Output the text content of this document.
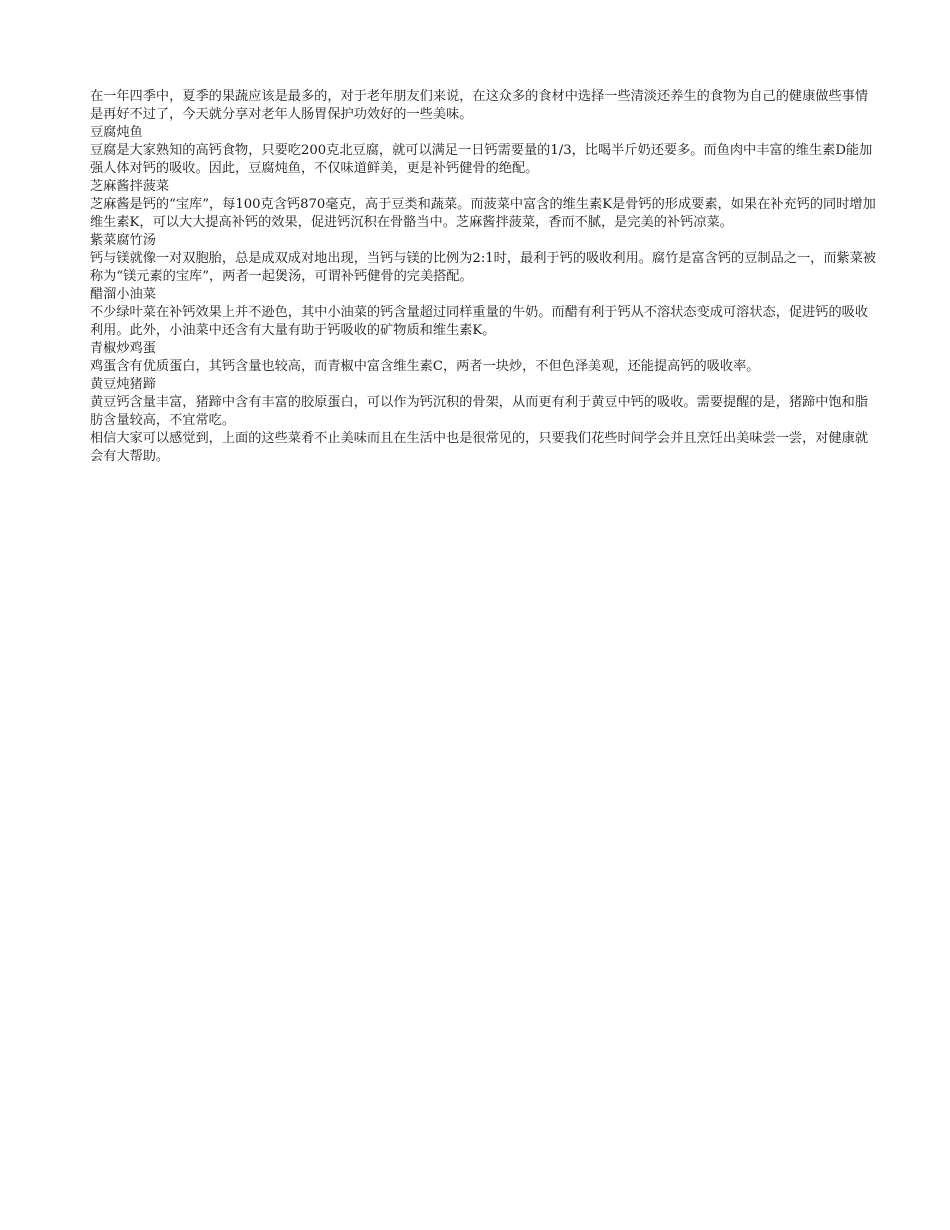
在一年四季中，夏季的果蔬应该是最多的，对于老年朋友们来说，在这众多的食材中选择一些清淡还养生的食物为自己的健康做些事情是再好不过了，今天就分享对老年人肠胃保护功效好的一些美味。

豆腐炖鱼

豆腐是大家熟知的高钙食物，只要吃200克北豆腐，就可以满足一日钙需要量的1/3，比喝半斤奶还要多。而鱼肉中丰富的维生素D能加强人体对钙的吸收。因此，豆腐炖鱼，不仅味道鲜美，更是补钙健骨的绝配。

芝麻酱拌菠菜

芝麻酱是钙的“宝库”，每100克含钙870毫克，高于豆类和蔬菜。而菠菜中富含的维生素K是骨钙的形成要素，如果在补充钙的同时增加维生素K，可以大大提高补钙的效果，促进钙沉积在骨骼当中。芝麻酱拌菠菜，香而不腻，是完美的补钙凉菜。

紫菜腐竹汤

钙与镁就像一对双胞胎，总是成双成对地出现，当钙与镁的比例为2:1时，最利于钙的吸收利用。腐竹是富含钙的豆制品之一，而紫菜被称为“镁元素的宝库”，两者一起煲汤，可谓补钙健骨的完美搭配。

醋溜小油菜

不少绿叶菜在补钙效果上并不逊色，其中小油菜的钙含量超过同样重量的牛奶。而醋有利于钙从不溶状态变成可溶状态，促进钙的吸收利用。此外，小油菜中还含有大量有助于钙吸收的矿物质和维生素K。

青椒炒鸡蛋

鸡蛋含有优质蛋白，其钙含量也较高，而青椒中富含维生素C，两者一块炒，不但色泽美观，还能提高钙的吸收率。

黄豆炖猪蹄

黄豆钙含量丰富，猪蹄中含有丰富的胶原蛋白，可以作为钙沉积的骨架，从而更有利于黄豆中钙的吸收。需要提醒的是，猪蹄中饱和脂肪含量较高，不宜常吃。

相信大家可以感觉到，上面的这些菜肴不止美味而且在生活中也是很常见的，只要我们花些时间学会并且烹饪出美味尝一尝，对健康就会有大帮助。
